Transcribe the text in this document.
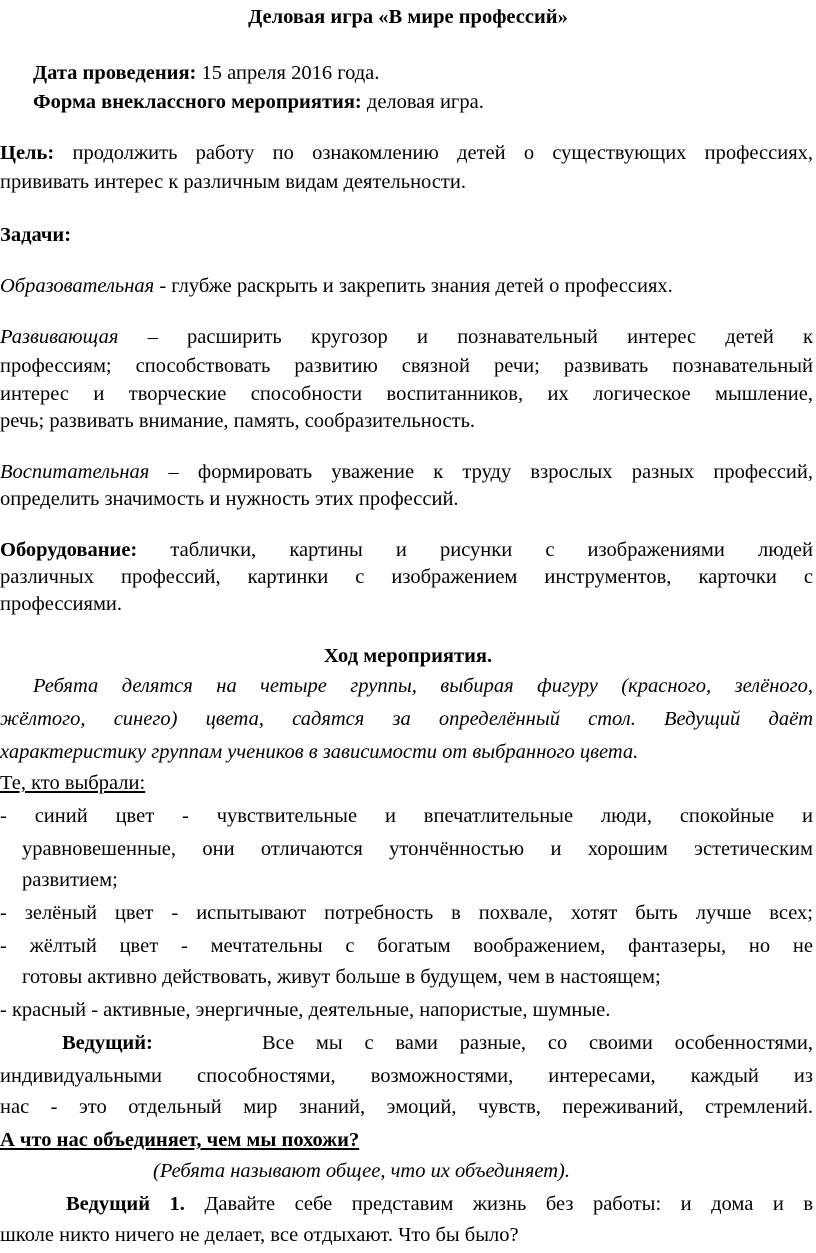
Деловая игра «В мире профессий»
Дата проведения: 15 апреля 2016 года.
Форма внеклассного мероприятия: деловая игра.
Цель: продолжить работу по ознакомлению детей о существующих профессиях,
прививать интерес к различным видам деятельности.
Задачи:
Образовательная - глубже раскрыть и закрепить знания детей о профессиях.
Развивающая – расширить кругозор и познавательный интерес детей к
профессиям; способствовать развитию связной речи; развивать познавательный
интерес и творческие способности воспитанников, их логическое мышление,
речь; развивать внимание, память, сообразительность.
Воспитательная – формировать уважение к труду взрослых разных профессий,
определить значимость и нужность этих профессий.
Оборудование: таблички, картины и рисунки с изображениями людей
различных профессий, картинки с изображением инструментов, карточки с
профессиями.
Ход мероприятия.
Ребята делятся на четыре группы, выбирая фигуру (красного, зелёного,
жёлтого, синего) цвета, садятся за определённый стол. Ведущий даёт
характеристику группам учеников в зависимости от выбранного цвета.
Те, кто выбрали:
- синий цвет - чувствительные и впечатлительные люди, спокойные и
уравновешенные, они отличаются утончённостью и хорошим эстетическим
развитием;
- зелёный цвет - испытывают потребность в похвале, хотят быть лучше всех;
- жёлтый цвет - мечтательны с богатым воображением, фантазеры, но не
готовы активно действовать, живут больше в будущем, чем в настоящем;
- красный - активные, энергичные, деятельные, напористые, шумные.
Ведущий:	Все мы с вами разные, со своими особенностями,
индивидуальными способностями, возможностями, интересами, каждый из
нас - это отдельный мир знаний, эмоций, чувств, переживаний, стремлений.
А что нас объединяет, чем мы похожи?
(Ребята называют общее, что их объединяет).
Ведущий 1. Давайте себе представим жизнь без работы: и дома и в
школе никто ничего не делает, все отдыхают. Что бы было?
